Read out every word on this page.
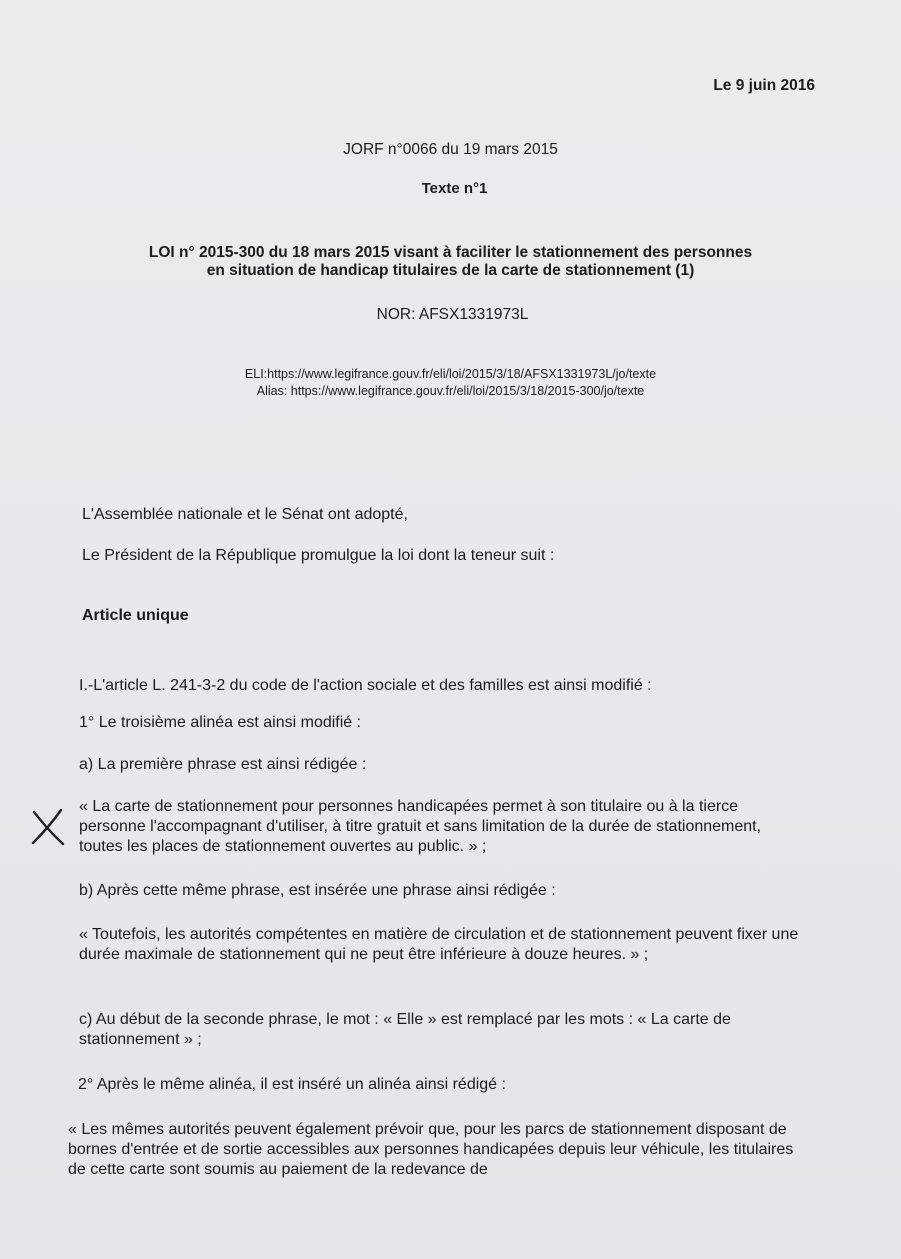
Le 9 juin 2016
JORF n°0066 du 19 mars 2015
Texte n°1
LOI n° 2015-300 du 18 mars 2015 visant à faciliter le stationnement des personnes
en situation de handicap titulaires de la carte de stationnement (1)
NOR: AFSX1331973L
ELI:https://www.legifrance.gouv.fr/eli/loi/2015/3/18/AFSX1331973L/jo/texte
Alias: https://www.legifrance.gouv.fr/eli/loi/2015/3/18/2015-300/jo/texte
L'Assemblée nationale et le Sénat ont adopté,
Le Président de la République promulgue la loi dont la teneur suit :
Article unique
I.-L'article L. 241-3-2 du code de l'action sociale et des familles est ainsi modifié :
1° Le troisième alinéa est ainsi modifié :
a) La première phrase est ainsi rédigée :
« La carte de stationnement pour personnes handicapées permet à son titulaire ou à la tierce personne l'accompagnant d'utiliser, à titre gratuit et sans limitation de la durée de stationnement, toutes les places de stationnement ouvertes au public. » ;
b) Après cette même phrase, est insérée une phrase ainsi rédigée :
« Toutefois, les autorités compétentes en matière de circulation et de stationnement peuvent fixer une durée maximale de stationnement qui ne peut être inférieure à douze heures. » ;
c) Au début de la seconde phrase, le mot : « Elle » est remplacé par les mots : « La carte de stationnement » ;
2° Après le même alinéa, il est inséré un alinéa ainsi rédigé :
« Les mêmes autorités peuvent également prévoir que, pour les parcs de stationnement disposant de bornes d'entrée et de sortie accessibles aux personnes handicapées depuis leur véhicule, les titulaires de cette carte sont soumis au paiement de la redevance de
